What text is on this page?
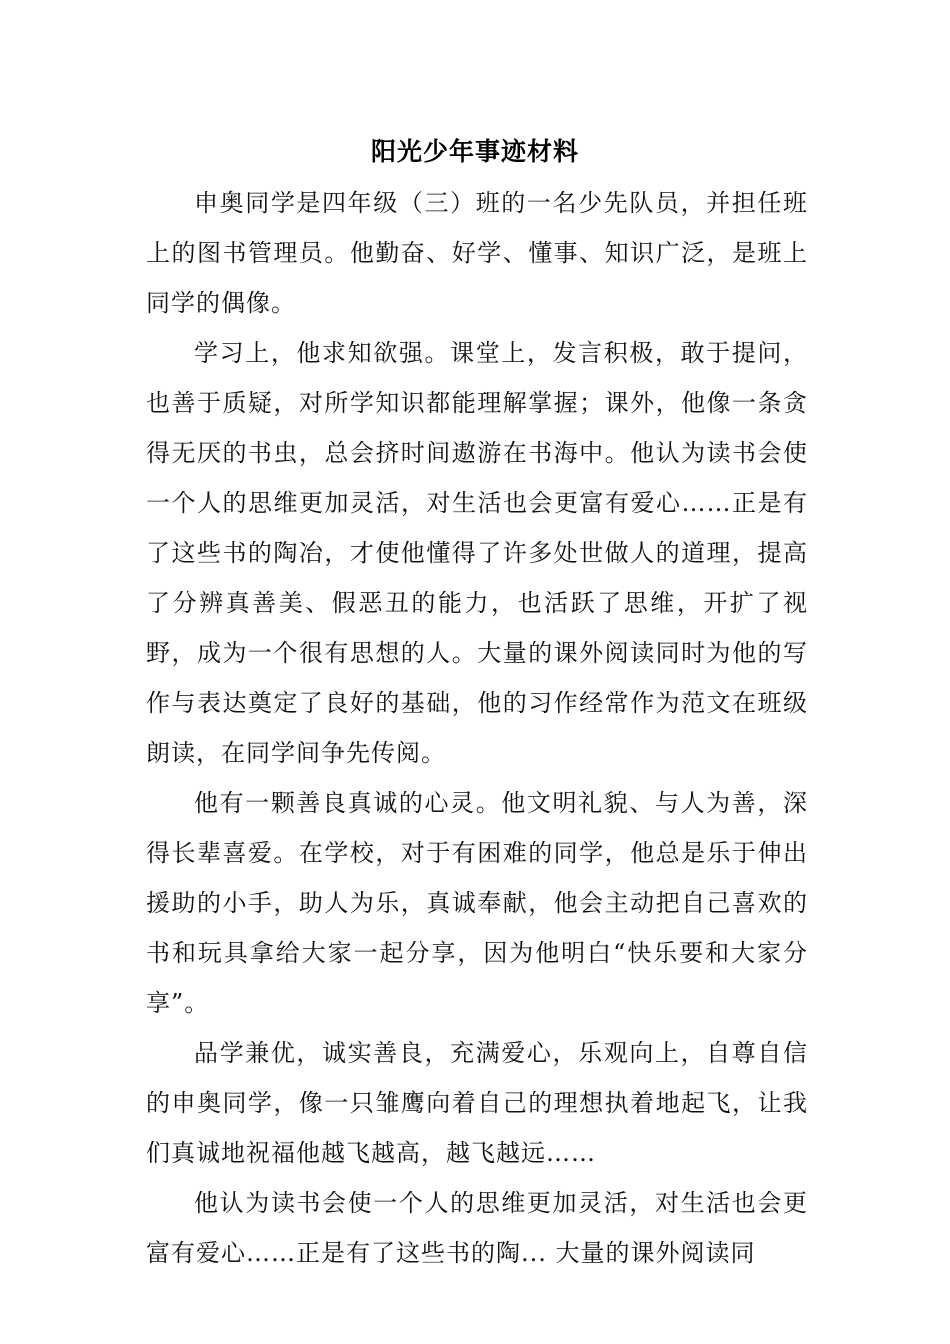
阳光少年事迹材料

申奥同学是四年级（三）班的一名少先队员，并担任班上的图书管理员。他勤奋、好学、懂事、知识广泛，是班上同学的偶像。

学习上，他求知欲强。课堂上，发言积极，敢于提问，也善于质疑，对所学知识都能理解掌握；课外，他像一条贪得无厌的书虫，总会挤时间遨游在书海中。他认为读书会使一个人的思维更加灵活，对生活也会更富有爱心……正是有了这些书的陶冶，才使他懂得了许多处世做人的道理，提高了分辨真善美、假恶丑的能力，也活跃了思维，开扩了视野，成为一个很有思想的人。大量的课外阅读同时为他的写作与表达奠定了良好的基础，他的习作经常作为范文在班级朗读，在同学间争先传阅。

他有一颗善良真诚的心灵。他文明礼貌、与人为善，深得长辈喜爱。在学校，对于有困难的同学，他总是乐于伸出援助的小手，助人为乐，真诚奉献，他会主动把自己喜欢的书和玩具拿给大家一起分享，因为他明白“快乐要和大家分享”。

品学兼优，诚实善良，充满爱心，乐观向上，自尊自信的申奥同学，像一只雏鹰向着自己的理想执着地起飞，让我们真诚地祝福他越飞越高，越飞越远……

他认为读书会使一个人的思维更加灵活，对生活也会更富有爱心……正是有了这些书的陶... 大量的课外阅读同
